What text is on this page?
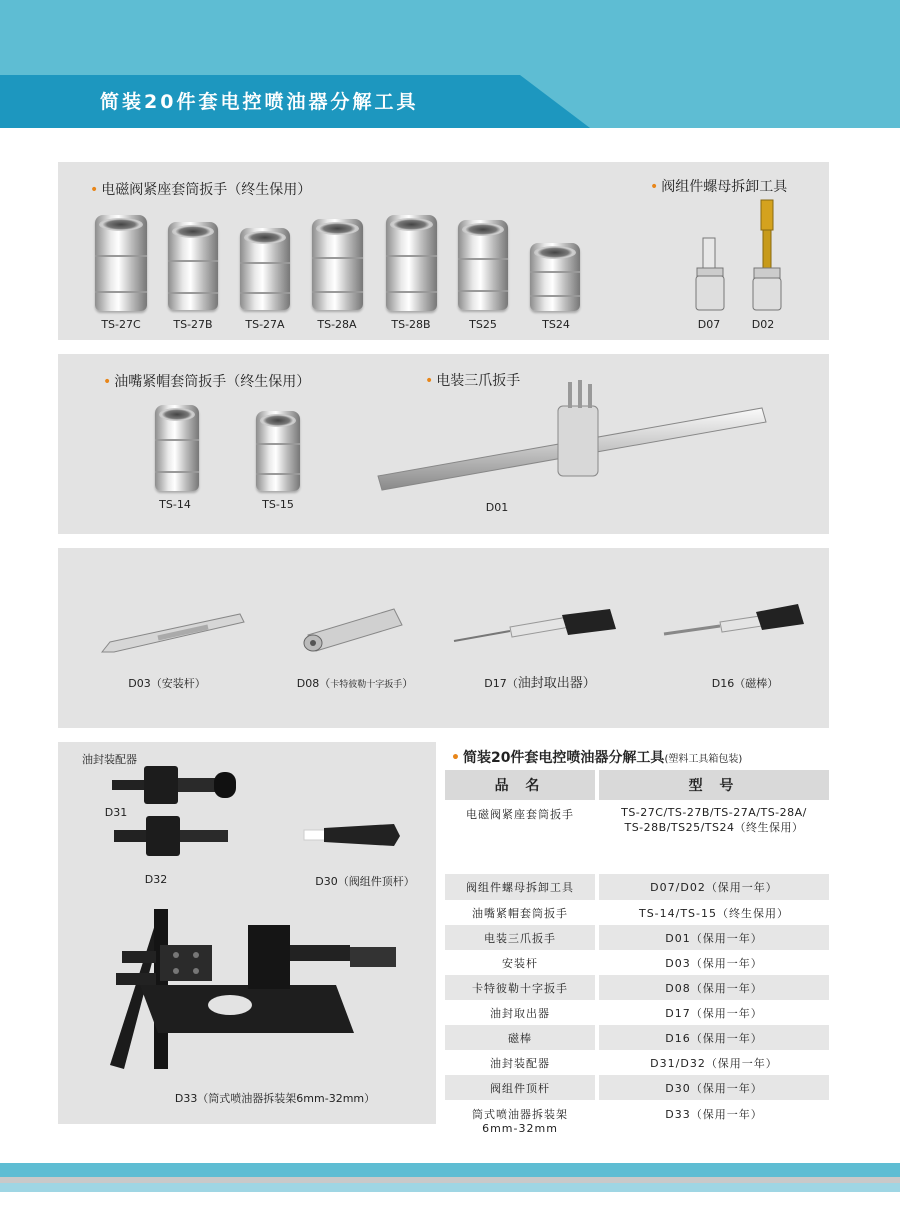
简装20件套电控喷油器分解工具
• 电磁阀紧座套筒扳手（终生保用）	• 阀组件螺母拆卸工具
TS-27C	TS-27B	TS-27A	TS-28A	TS-28B	TS25	TS24	D07	D02
• 油嘴紧帽套筒扳手（终生保用）	• 电装三爪扳手
TS-14	TS-15	D01
D03（安装杆）	D08（卡特彼勒十字扳手）	D17（油封取出器）	D16（磁棒）
油封装配器
D31
D32	D30（阀组件顶杆）
D33（筒式喷油器拆装架6mm-32mm）
• 简装20件套电控喷油器分解工具(塑料工具箱包装)
品 名		型 号
电磁阀紧座套筒扳手		TS-27C/TS-27B/TS-27A/TS-28A/
TS-28B/TS25/TS24（终生保用）
阀组件螺母拆卸工具		D07/D02（保用一年）
油嘴紧帽套筒扳手		TS-14/TS-15（终生保用）
电装三爪扳手		D01（保用一年）
安装杆		D03（保用一年）
卡特彼勒十字扳手		D08（保用一年）
油封取出器		D17（保用一年）
磁棒		D16（保用一年）
油封装配器		D31/D32（保用一年）
阀组件顶杆		D30（保用一年）
筒式喷油器拆装架
6mm-32mm		D33（保用一年）
